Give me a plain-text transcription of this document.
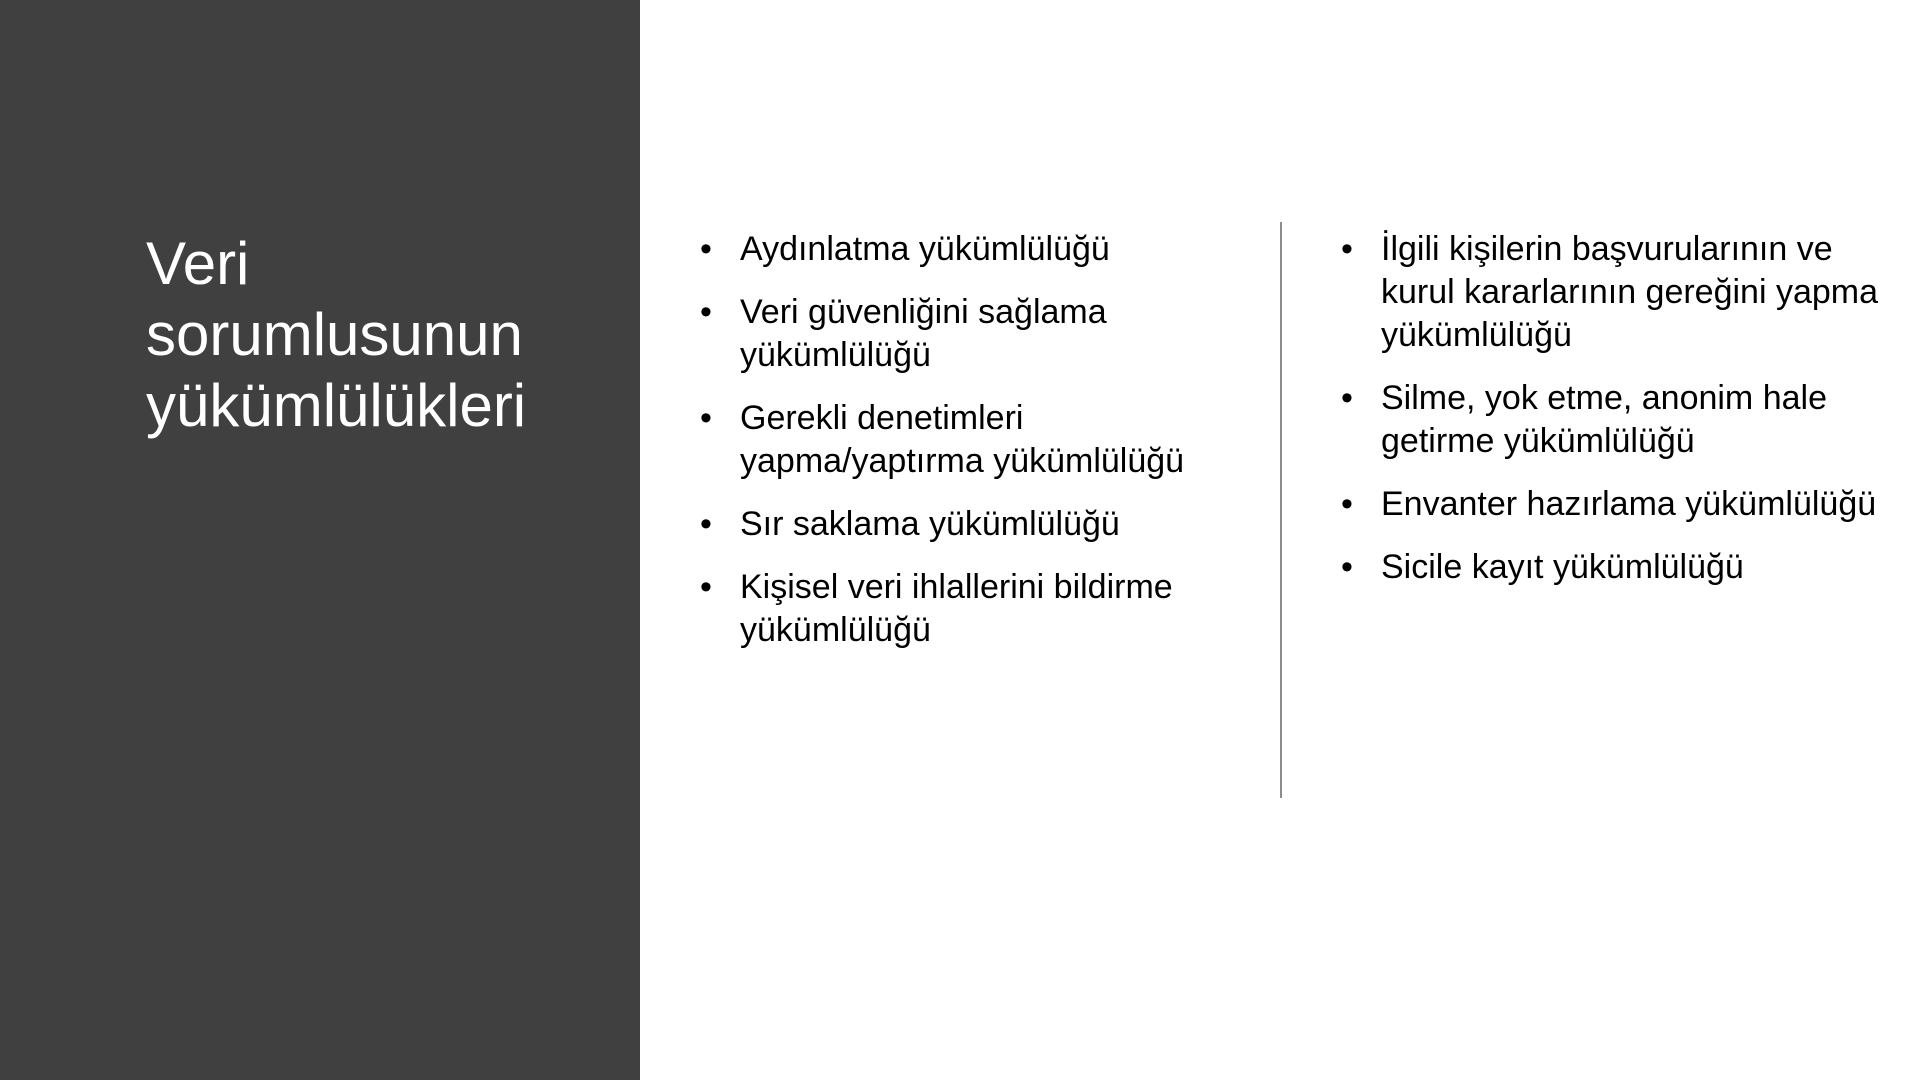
Veri sorumlusunun yükümlülükleri
• Aydınlatma yükümlülüğü
• Veri güvenliğini sağlama yükümlülüğü
• Gerekli denetimleri yapma/yaptırma yükümlülüğü
• Sır saklama yükümlülüğü
• Kişisel veri ihlallerini bildirme yükümlülüğü
• İlgili kişilerin başvurularının ve kurul kararlarının gereğini yapma yükümlülüğü
• Silme, yok etme, anonim hale getirme yükümlülüğü
• Envanter hazırlama yükümlülüğü
• Sicile kayıt yükümlülüğü
